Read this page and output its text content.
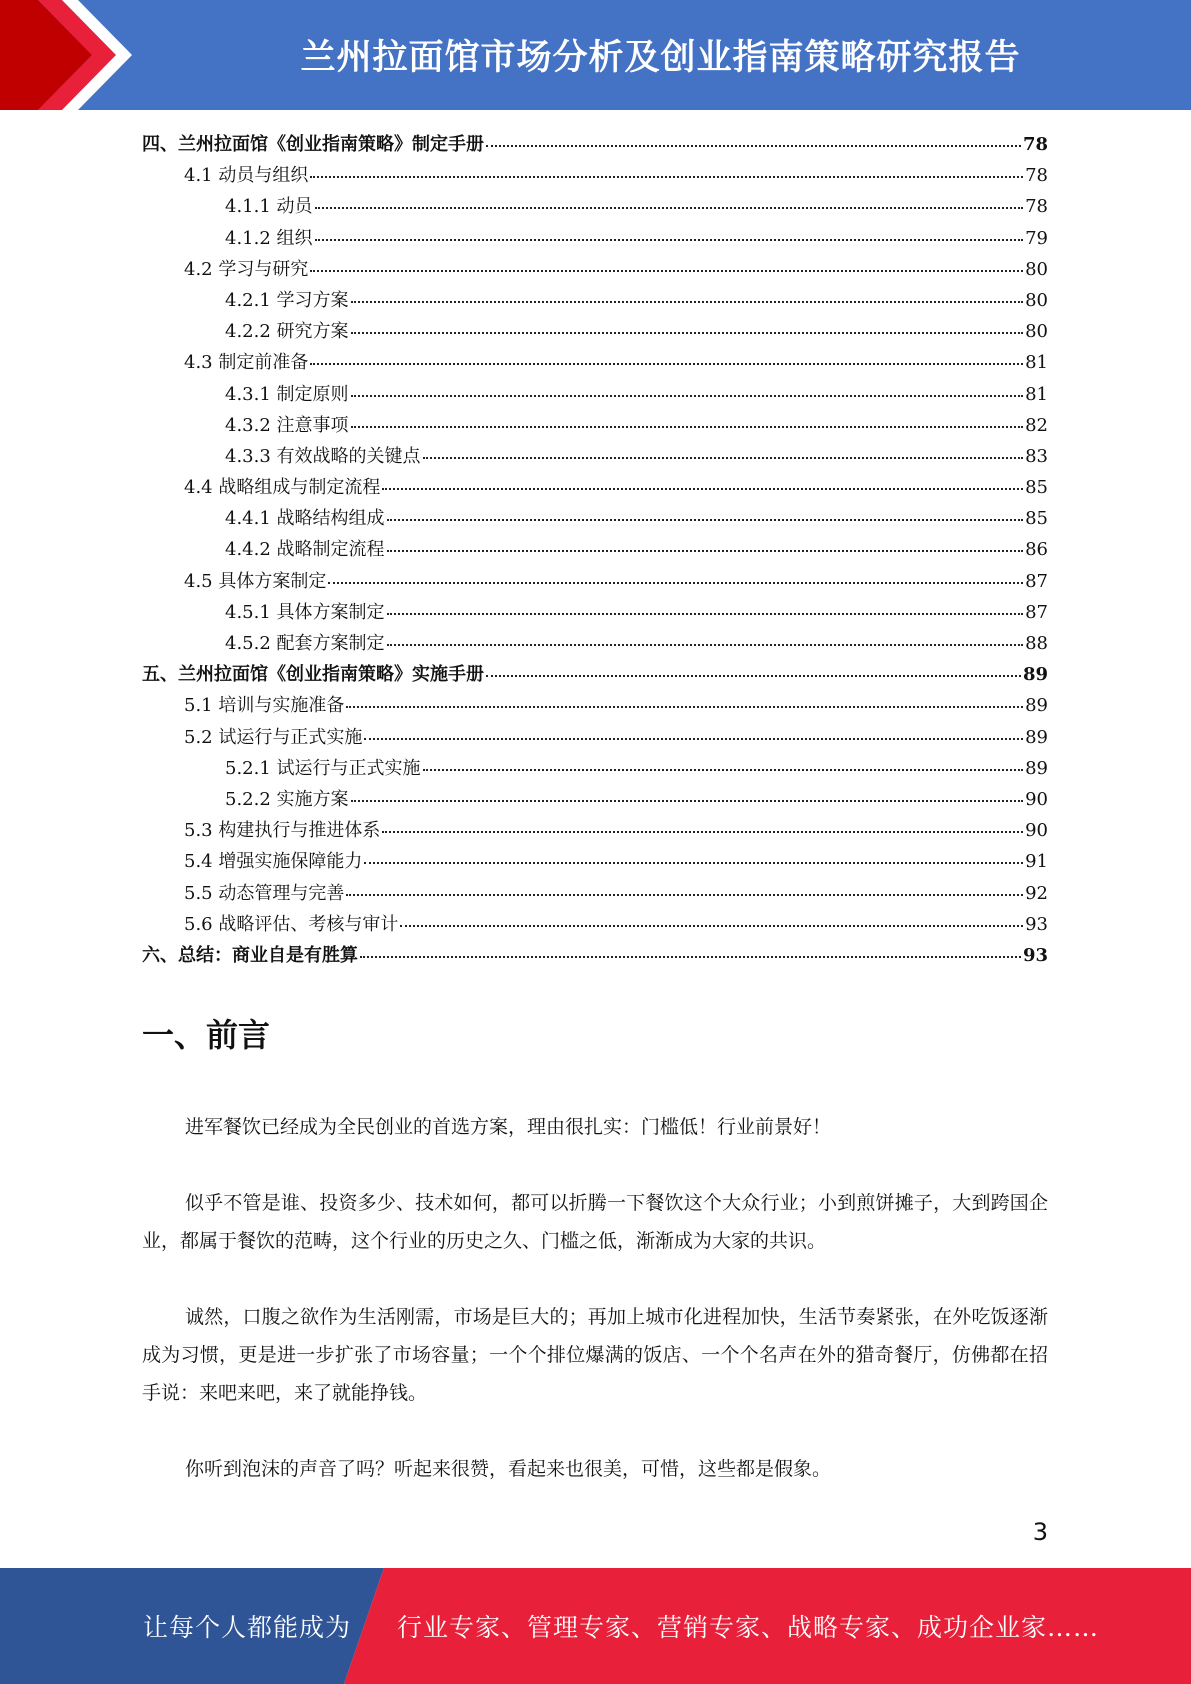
兰州拉面馆市场分析及创业指南策略研究报告
四、兰州拉面馆《创业指南策略》制定手册	78
4.1 动员与组织	78
4.1.1 动员	78
4.1.2 组织	79
4.2 学习与研究	80
4.2.1 学习方案	80
4.2.2 研究方案	80
4.3 制定前准备	81
4.3.1 制定原则	81
4.3.2 注意事项	82
4.3.3 有效战略的关键点	83
4.4 战略组成与制定流程	85
4.4.1 战略结构组成	85
4.4.2 战略制定流程	86
4.5 具体方案制定	87
4.5.1 具体方案制定	87
4.5.2 配套方案制定	88
五、兰州拉面馆《创业指南策略》实施手册	89
5.1 培训与实施准备	89
5.2 试运行与正式实施	89
5.2.1 试运行与正式实施	89
5.2.2 实施方案	90
5.3 构建执行与推进体系	90
5.4 增强实施保障能力	91
5.5 动态管理与完善	92
5.6 战略评估、考核与审计	93
六、总结：商业自是有胜算	93
一、前言

进军餐饮已经成为全民创业的首选方案，理由很扎实：门槛低！行业前景好！

似乎不管是谁、投资多少、技术如何，都可以折腾一下餐饮这个大众行业；小到煎饼摊子，大到跨国企业，都属于餐饮的范畴，这个行业的历史之久、门槛之低，渐渐成为大家的共识。

诚然，口腹之欲作为生活刚需，市场是巨大的；再加上城市化进程加快，生活节奏紧张，在外吃饭逐渐成为习惯，更是进一步扩张了市场容量；一个个排位爆满的饭店、一个个名声在外的猎奇餐厅，仿佛都在招手说：来吧来吧，来了就能挣钱。

你听到泡沫的声音了吗？听起来很赞，看起来也很美，可惜，这些都是假象。

3
让每个人都能成为 行业专家、管理专家、营销专家、战略专家、成功企业家……
